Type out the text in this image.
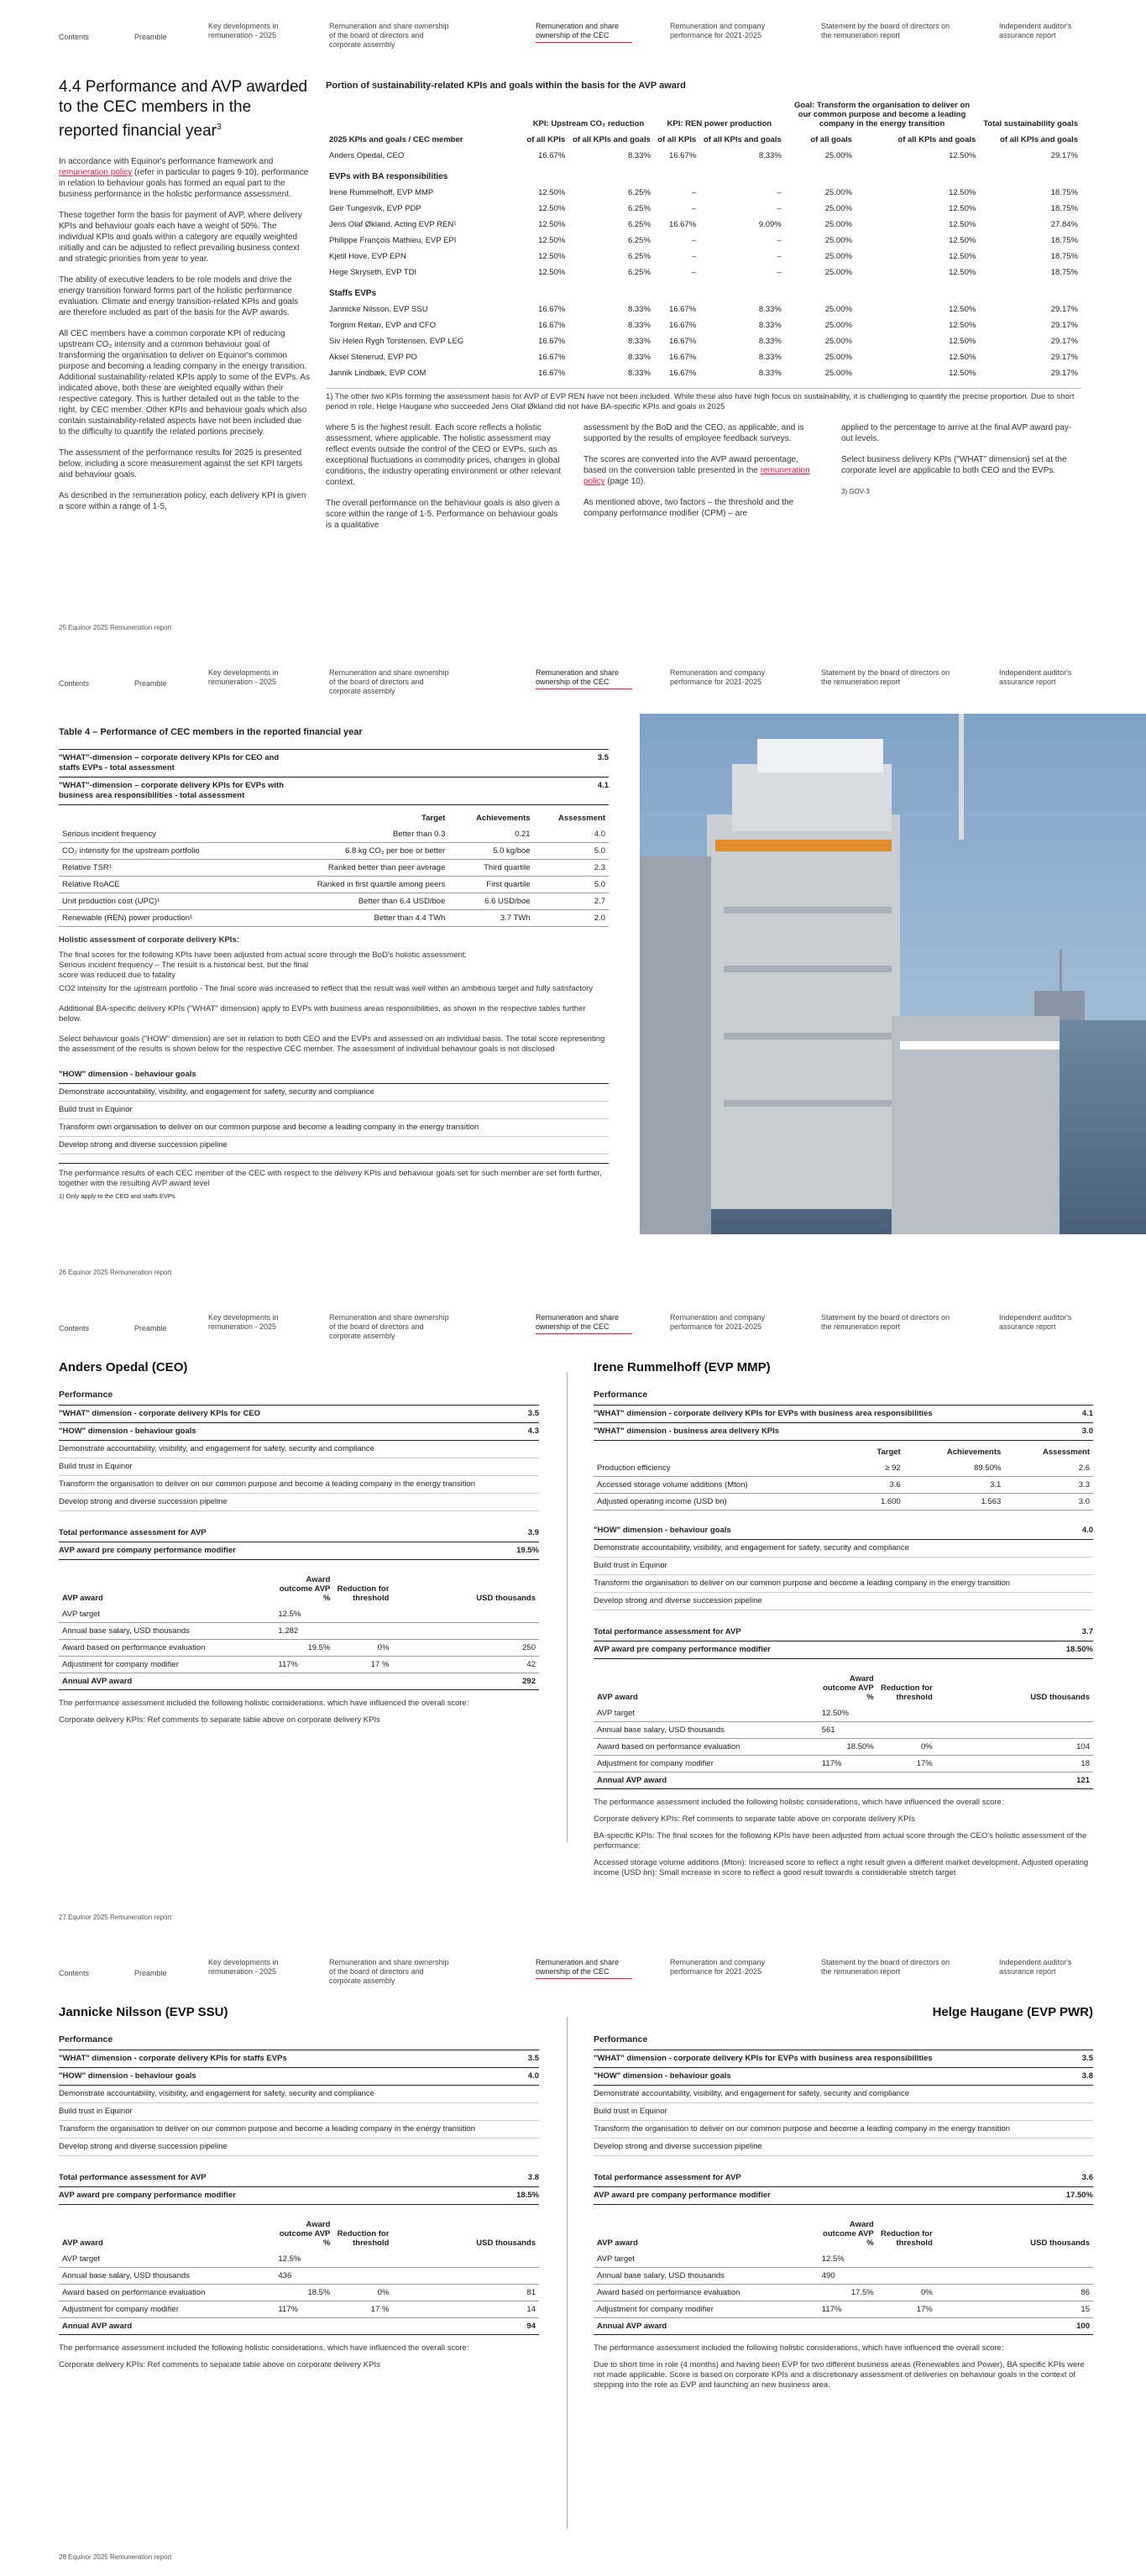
Contents	Preamble
Key developments in remuneration - 2025
Remuneration and share ownership of the board of directors and corporate assembly
Remuneration and share ownership of the CEC
Remuneration and company performance for 2021-2025
Statement by the board of directors on the remuneration report
Independent auditor's assurance report
4.4 Performance and AVP awarded to the CEC members in the reported financial year$^3$

In accordance with Equinor's performance framework and remuneration policy (refer in particular to pages 9-10), performance in relation to behaviour goals has formed an equal part to the business performance in the holistic performance assessment.

These together form the basis for payment of AVP, where delivery KPIs and behaviour goals each have a weight of 50%. The individual KPIs and goals within a category are equally weighted initially and can be adjusted to reflect prevailing business context and strategic priorities from year to year.

The ability of executive leaders to be role models and drive the energy transition forward forms part of the holistic performance evaluation. Climate and energy transition-related KPIs and goals are therefore included as part of the basis for the AVP awards.

All CEC members have a common corporate KPI of reducing upstream CO₂ intensity and a common behaviour goal of transforming the organisation to deliver on Equinor's common purpose and becoming a leading company in the energy transition. Additional sustainability-related KPIs apply to some of the EVPs. As indicated above, both these are weighted equally within their respective category. This is further detailed out in the table to the right, by CEC member. Other KPIs and behaviour goals which also contain sustainability-related aspects have not been included due to the difficulty to quantify the related portions precisely.

The assessment of the performance results for 2025 is presented below, including a score measurement against the set KPI targets and behaviour goals.

As described in the remuneration policy, each delivery KPI is given a score within a range of 1-5,

Portion of sustainability-related KPIs and goals within the basis for the AVP award
	KPI: Upstream CO₂ reduction		KPI: REN power production		Goal: Transform the organisation to deliver on our common purpose and become a leading company in the energy transition		Total sustainability goals
2025 KPIs and goals / CEC member	of all KPIs	of all KPIs and goals	of all KPIs	of all KPIs and goals	of all goals	of all KPIs and goals	of all KPIs and goals
Anders Opedal, CEO	16.67%	8.33%	16.67%	8.33%	25.00%	12.50%	29.17%
EVPs with BA responsibilities							
Irene Rummelhoff, EVP MMP	12.50%	6.25%	–	–	25.00%	12.50%	18.75%
Geir Tungesvik, EVP PDP	12.50%	6.25%	–	–	25.00%	12.50%	18.75%
Jens Olaf Økland, Acting EVP REN¹	12.50%	6.25%	16.67%	9.09%	25.00%	12.50%	27.84%
Philippe François Mathieu, EVP EPI	12.50%	6.25%	–	–	25.00%	12.50%	18.75%
Kjetil Hove, EVP EPN	12.50%	6.25%	–	–	25.00%	12.50%	18.75%
Hege Skryseth, EVP TDI	12.50%	6.25%	–	–	25.00%	12.50%	18.75%
Staffs EVPs							
Jannicke Nilsson, EVP SSU	16.67%	8.33%	16.67%	8.33%	25.00%	12.50%	29.17%
Torgrim Reitan, EVP and CFO	16.67%	8.33%	16.67%	8.33%	25.00%	12.50%	29.17%
Siv Helen Rygh Torstensen, EVP LEG	16.67%	8.33%	16.67%	8.33%	25.00%	12.50%	29.17%
Aksel Stenerud, EVP PO	16.67%	8.33%	16.67%	8.33%	25.00%	12.50%	29.17%
Jannik Lindbæk, EVP COM	16.67%	8.33%	16.67%	8.33%	25.00%	12.50%	29.17%
1) The other two KPIs forming the assessment basis for AVP of EVP REN have not been included. While these also have high focus on sustainability, it is challenging to quantify the precise proportion. Due to short period in role, Helge Haugane who succeeded Jens Olaf Økland did not have BA-specific KPIs and goals in 2025

where 5 is the highest result. Each score reflects a holistic assessment, where applicable. The holistic assessment may reflect events outside the control of the CEO or EVPs, such as exceptional fluctuations in commodity prices, changes in global conditions, the industry operating environment or other relevant context.

The overall performance on the behaviour goals is also given a score within the range of 1-5. Performance on behaviour goals is a qualitative

assessment by the BoD and the CEO, as applicable, and is supported by the results of employee feedback surveys.

The scores are converted into the AVP award percentage, based on the conversion table presented in the remuneration policy (page 10).

As mentioned above, two factors – the threshold and the company performance modifier (CPM) – are

applied to the percentage to arrive at the final AVP award pay-out levels.

Select business delivery KPIs ("WHAT" dimension) set at the corporate level are applicable to both CEO and the EVPs.

3) GOV-3

25 Equinor 2025 Remuneration report
Contents	Preamble
Key developments in remuneration - 2025
Remuneration and share ownership of the board of directors and corporate assembly
Remuneration and share ownership of the CEC
Remuneration and company performance for 2021-2025
Statement by the board of directors on the remuneration report
Independent auditor's assurance report
Table 4 – Performance of CEC members in the reported financial year
"WHAT"-dimension – corporate delivery KPIs for CEO and staffs EVPs - total assessment
3.5
"WHAT"-dimension – corporate delivery KPIs for EVPs with business area responsibilities - total assessment
4.1
	Target	Achievements	Assessment
Serious incident frequency	Better than 0.3	0.21	4.0
CO₂ intensity for the upstream portfolio	6.8 kg CO₂ per boe or better	5.0 kg/boe	5.0
Relative TSR¹	Ranked better than peer average	Third quartile	2.3
Relative RoACE	Ranked in first quartile among peers	First quartile	5.0
Unit production cost (UPC)¹	Better than 6.4 USD/boe	6.6 USD/boe	2.7
Renewable (REN) power production¹	Better than 4.4 TWh	3.7 TWh	2.0
Holistic assessment of corporate delivery KPIs:
The final scores for the following KPIs have been adjusted from actual score through the BoD's holistic assessment:
Serious incident frequency – The result is a historical best, but the final score was reduced due to fatality
CO2 intensity for the upstream portfolio - The final score was increased to reflect that the result was well within an ambitious target and fully satisfactory
Additional BA-specific delivery KPIs ("WHAT" dimension) apply to EVPs with business areas responsibilities, as shown in the respective tables further below.
Select behaviour goals ("HOW" dimension) are set in relation to both CEO and the EVPs and assessed on an individual basis. The total score representing the assessment of the results is shown below for the respective CEC member. The assessment of individual behaviour goals is not disclosed
"HOW" dimension - behaviour goals
Demonstrate accountability, visibility, and engagement for safety, security and compliance
Build trust in Equinor
Transform own organisation to deliver on our common purpose and become a leading company in the energy transition
Develop strong and diverse succession pipeline
The performance results of each CEC member of the CEC with respect to the delivery KPIs and behaviour goals set for such member are set forth further, together with the resulting AVP award level
1) Only apply to the CEO and staffs EVPs
26 Equinor 2025 Remuneration report
Contents	Preamble
Key developments in remuneration - 2025
Remuneration and share ownership of the board of directors and corporate assembly
Remuneration and share ownership of the CEC
Remuneration and company performance for 2021-2025
Statement by the board of directors on the remuneration report
Independent auditor's assurance report
Anders Opedal (CEO)
Performance
"WHAT" dimension - corporate delivery KPIs for CEO	3.5
"HOW" dimension - behaviour goals	4.3
Demonstrate accountability, visibility, and engagement for safety, security and compliance
Build trust in Equinor
Transform the organisation to deliver on our common purpose and become a leading company in the energy transition
Develop strong and diverse succession pipeline
Total performance assessment for AVP	3.9
AVP award pre company performance modifier	19.5%
AVP award	Award outcome AVP %	Reduction for threshold	USD thousands
AVP target	12.5%		
Annual base salary, USD thousands	1,282		
Award based on performance evaluation	19.5%	0%	250
Adjustment for company modifier	117%	17 %	42
Annual AVP award			292
The performance assessment included the following holistic considerations, which have influenced the overall score:
Corporate delivery KPIs: Ref comments to separate table above on corporate delivery KPIs
Irene Rummelhoff (EVP MMP)
Performance
"WHAT" dimension - corporate delivery KPIs for EVPs with business area responsibilities	4.1
"WHAT" dimension - business area delivery KPIs	3.0
	Target	Achievements	Assessment
Production efficiency	≥ 92	89.50%	2.6
Accessed storage volume additions (Mton)	3.6	3.1	3.3
Adjusted operating income (USD bn)	1.600	1.563	3.0
"HOW" dimension - behaviour goals	4.0
Demonstrate accountability, visibility, and engagement for safety, security and compliance
Build trust in Equinor
Transform the organisation to deliver on our common purpose and become a leading company in the energy transition
Develop strong and diverse succession pipeline
Total performance assessment for AVP	3.7
AVP award pre company performance modifier	18.50%
AVP award	Award outcome AVP %	Reduction for threshold	USD thousands
AVP target	12.50%		
Annual base salary, USD thousands	561		
Award based on performance evaluation	18.50%	0%	104
Adjustment for company modifier	117%	17%	18
Annual AVP award			121
The performance assessment included the following holistic considerations, which have influenced the overall score:
Corporate delivery KPIs: Ref comments to separate table above on corporate delivery KPIs
BA-specific KPIs: The final scores for the following KPIs have been adjusted from actual score through the CEO's holistic assessment of the performance:
Accessed storage volume additions (Mton): Increased score to reflect a right result given a different market development. Adjusted operating income (USD bn): Small increase in score to reflect a good result towards a considerable stretch target
27 Equinor 2025 Remuneration report
Contents	Preamble
Key developments in remuneration - 2025
Remuneration and share ownership of the board of directors and corporate assembly
Remuneration and share ownership of the CEC
Remuneration and company performance for 2021-2025
Statement by the board of directors on the remuneration report
Independent auditor's assurance report
Jannicke Nilsson (EVP SSU)
Performance
"WHAT" dimension - corporate delivery KPIs for staffs EVPs	3.5
"HOW" dimension - behaviour goals	4.0
Demonstrate accountability, visibility, and engagement for safety, security and compliance
Build trust in Equinor
Transform the organisation to deliver on our common purpose and become a leading company in the energy transition
Develop strong and diverse succession pipeline
Total performance assessment for AVP	3.8
AVP award pre company performance modifier	18.5%
AVP award	Award outcome AVP %	Reduction for threshold	USD thousands
AVP target	12.5%		
Annual base salary, USD thousands	436		
Award based on performance evaluation	18.5%	0%	81
Adjustment for company modifier	117%	17 %	14
Annual AVP award			94
The performance assessment included the following holistic considerations, which have influenced the overall score:
Corporate delivery KPIs: Ref comments to separate table above on corporate delivery KPIs
Helge Haugane (EVP PWR)
Performance
"WHAT" dimension - corporate delivery KPIs for EVPs with business area responsibilities	3.5
"HOW" dimension - behaviour goals	3.8
Demonstrate accountability, visibility, and engagement for safety, security and compliance
Build trust in Equinor
Transform the organisation to deliver on our common purpose and become a leading company in the energy transition
Develop strong and diverse succession pipeline
Total performance assessment for AVP	3.6
AVP award pre company performance modifier	17.50%
AVP award	Award outcome AVP %	Reduction for threshold	USD thousands
AVP target	12.5%		
Annual base salary, USD thousands	490		
Award based on performance evaluation	17.5%	0%	86
Adjustment for company modifier	117%	17%	15
Annual AVP award			100
The performance assessment included the following holistic considerations, which have influenced the overall score:
Due to short time in role (4 months) and having been EVP for two different business areas (Renewables and Power), BA specific KPIs were not made applicable. Score is based on corporate KPIs and a discretionary assessment of deliveries on behaviour goals in the context of stepping into the role as EVP and launching an new business area.
28 Equinor 2025 Remuneration report
